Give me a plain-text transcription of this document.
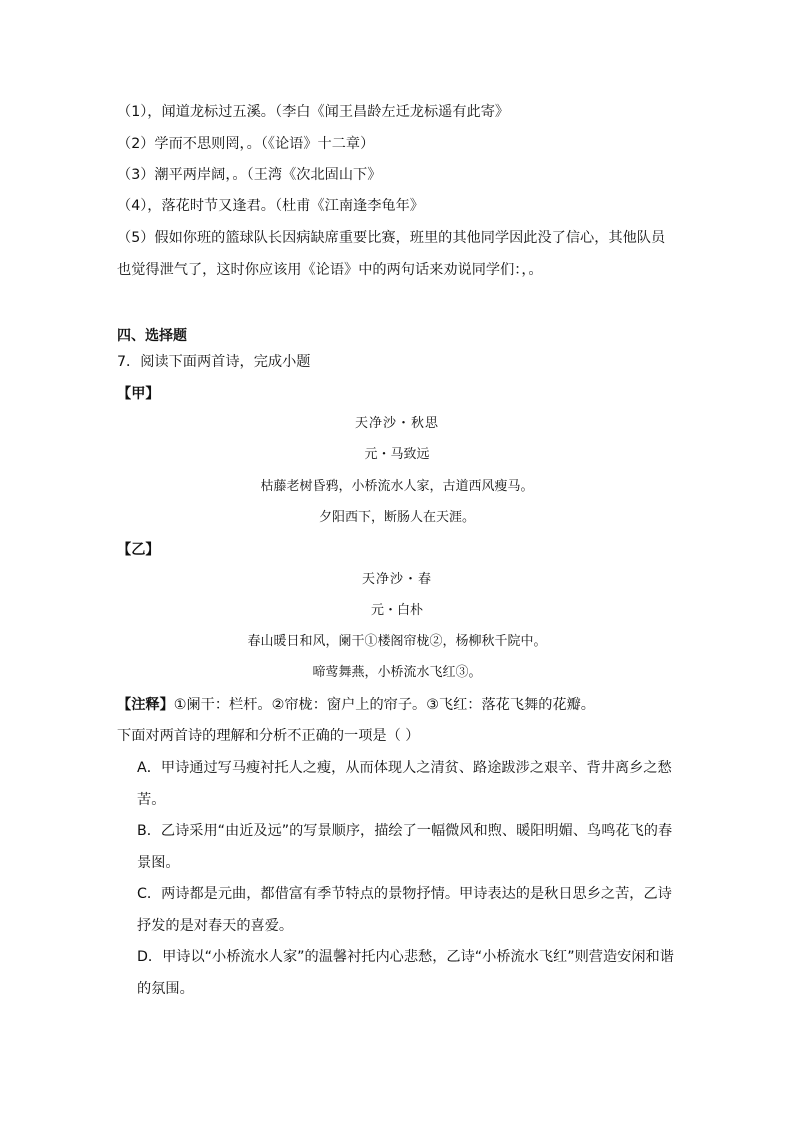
（1），闻道龙标过五溪。（李白《闻王昌龄左迁龙标遥有此寄》
（2）学而不思则罔，。（《论语》十二章）
（3）潮平两岸阔，。（王湾《次北固山下》
（4），落花时节又逢君。（杜甫《江南逢李龟年》
（5）假如你班的篮球队长因病缺席重要比赛，班里的其他同学因此没了信心，其他队员也觉得泄气了，这时你应该用《论语》中的两句话来劝说同学们：，。
四、选择题
7．阅读下面两首诗，完成小题
【甲】
天净沙・秋思
元・马致远
枯藤老树昏鸦，小桥流水人家，古道西风瘦马。
夕阳西下，断肠人在天涯。
【乙】
天净沙・春
元・白朴
春山暖日和风，阑干①楼阁帘栊②，杨柳秋千院中。
啼莺舞燕，小桥流水飞红③。
【注释】①阑干：栏杆。②帘栊：窗户上的帘子。③飞红：落花飞舞的花瓣。
下面对两首诗的理解和分析不正确的一项是（ ）
A．甲诗通过写马瘦衬托人之瘦，从而体现人之清贫、路途跋涉之艰辛、背井离乡之愁苦。
B．乙诗采用“由近及远”的写景顺序，描绘了一幅微风和煦、暖阳明媚、鸟鸣花飞的春景图。
C．两诗都是元曲，都借富有季节特点的景物抒情。甲诗表达的是秋日思乡之苦，乙诗抒发的是对春天的喜爱。
D．甲诗以“小桥流水人家”的温馨衬托内心悲愁，乙诗“小桥流水飞红”则营造安闲和谐的氛围。
